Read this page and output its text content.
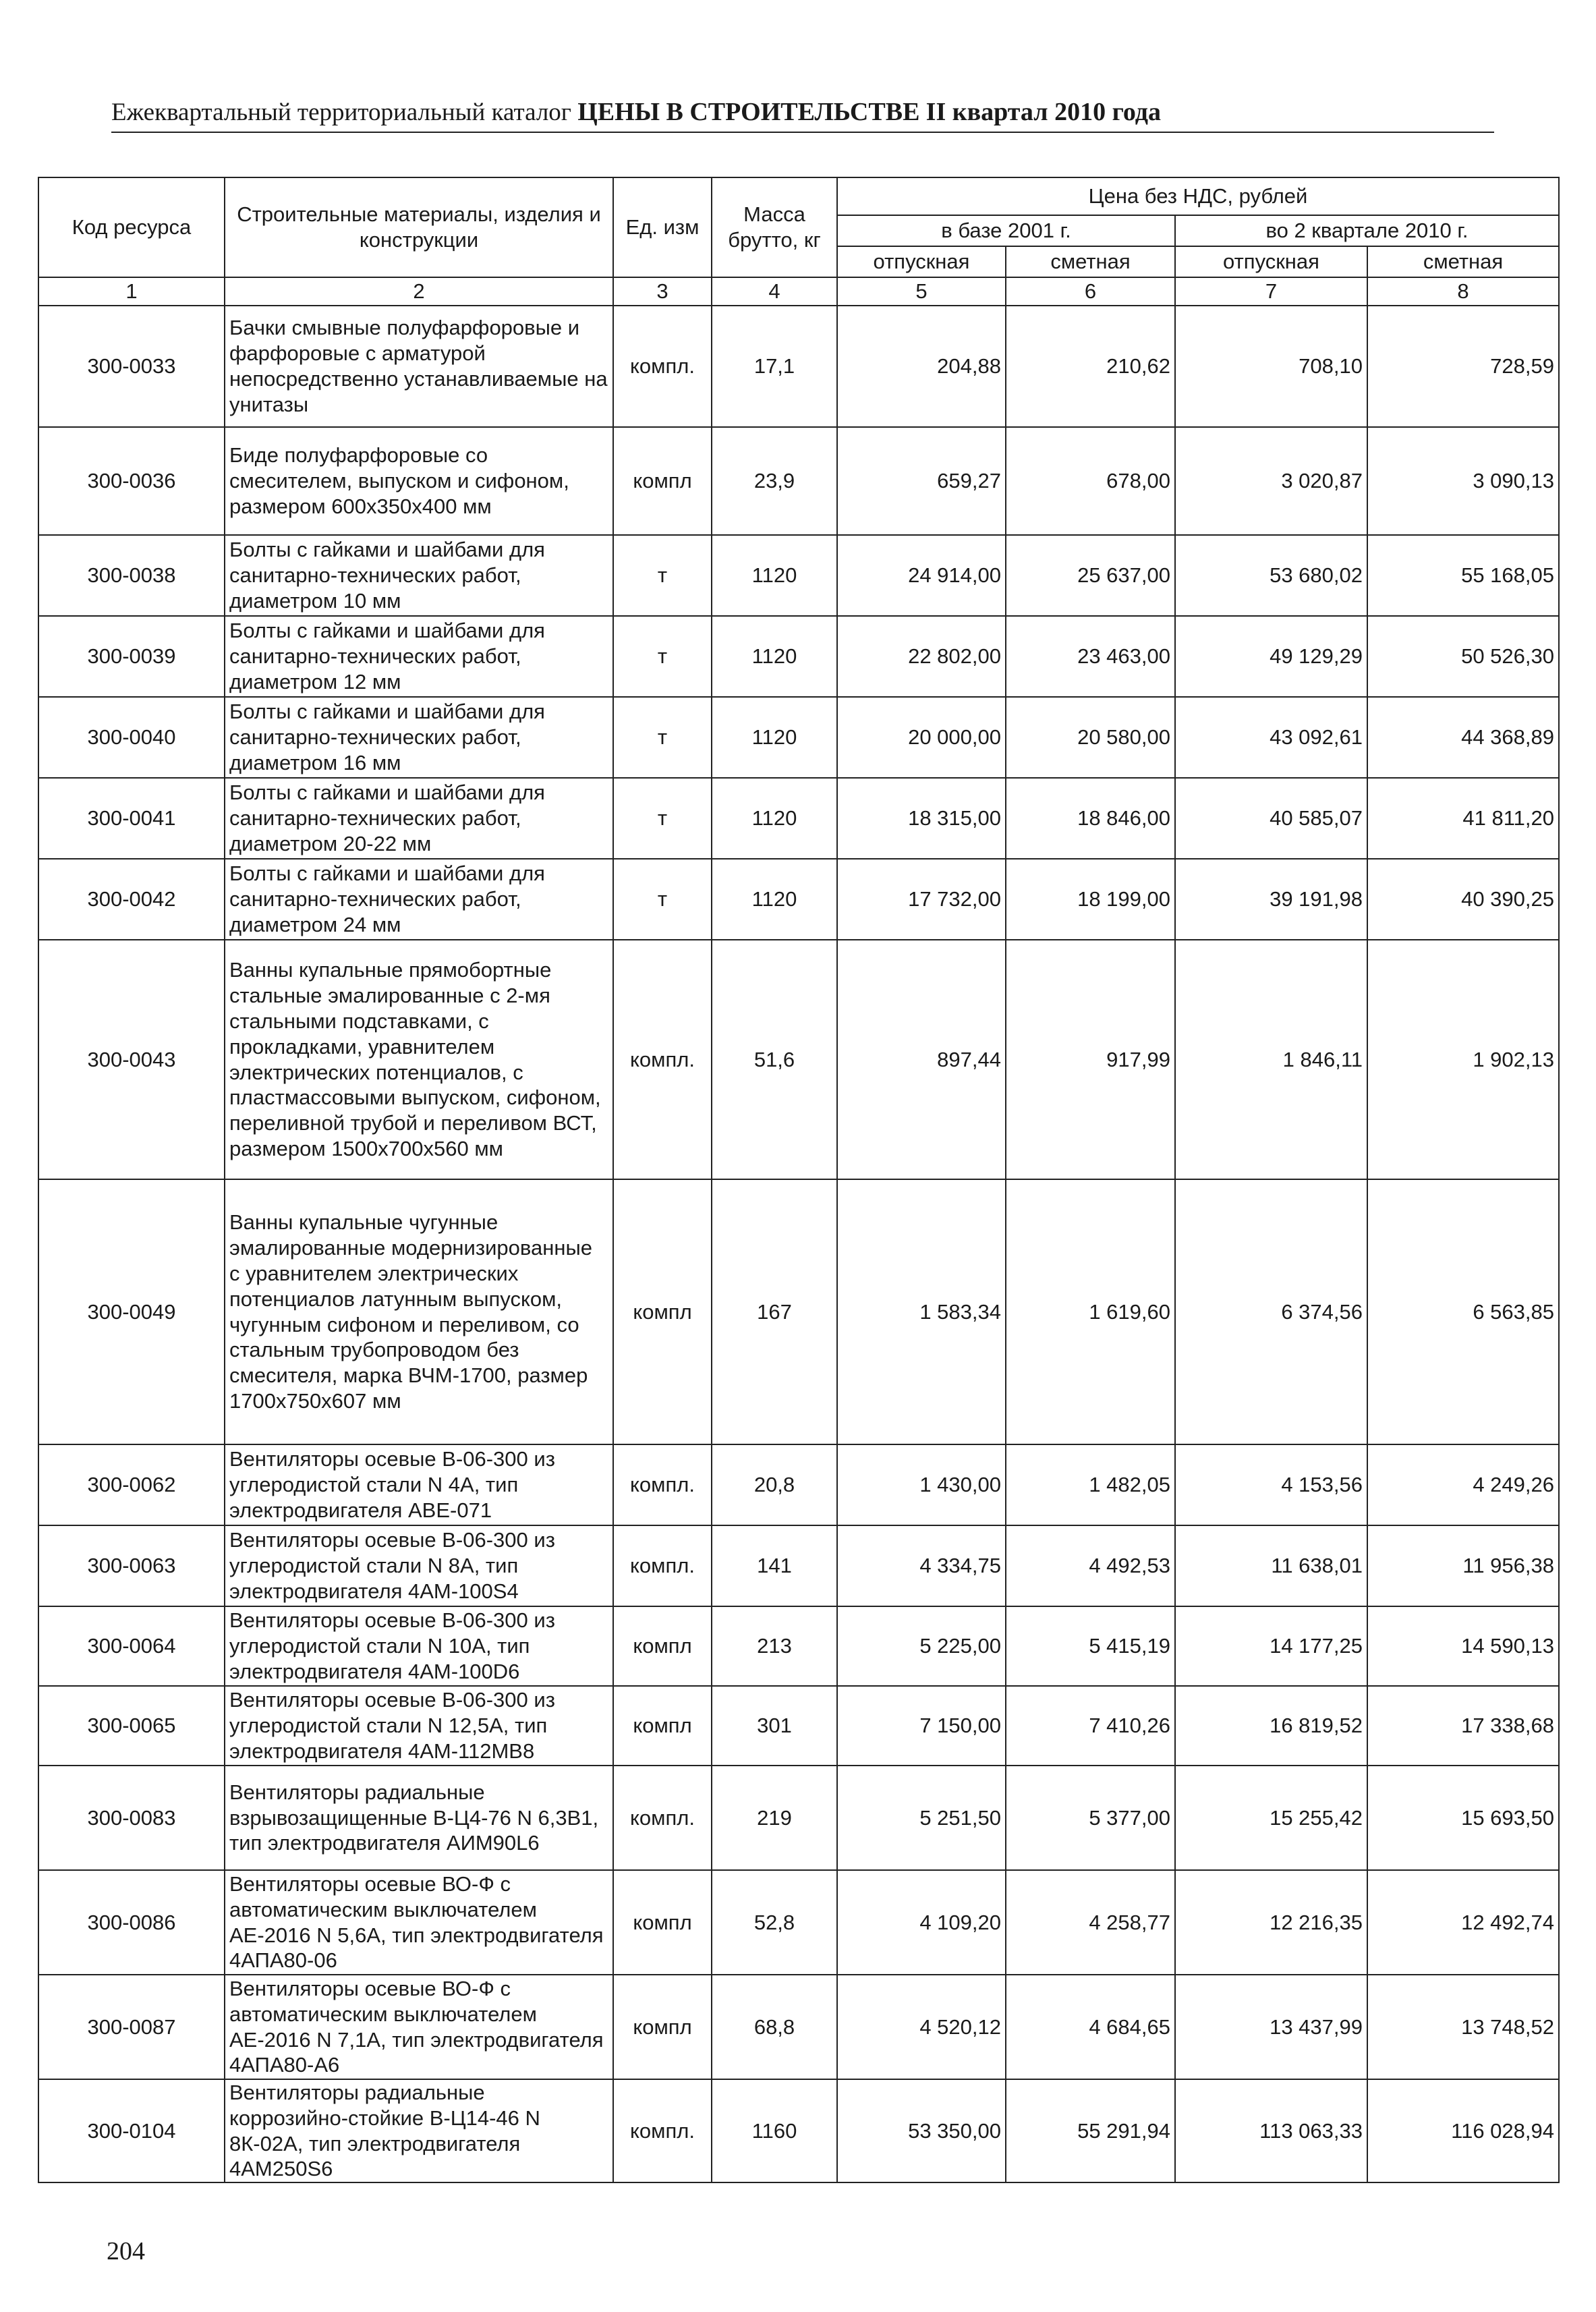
Ежеквартальный территориальный каталог ЦЕНЫ В СТРОИТЕЛЬСТВЕ II квартал 2010 года
Код ресурса	Строительные материалы, изделия и конструкции	Ед. изм	Масса брутто, кг	Цена без НДС, рублей			
				в базе 2001 г.		во 2 квартале 2010 г.	
				отпускная	сметная	отпускная	сметная
1	2	3	4	5	6	7	8
300-0033	Бачки смывные полуфарфоровые и фарфоровые с арматурой непосредственно устанавливаемые на унитазы	компл.	17,1	204,88	210,62	708,10	728,59
300-0036	Биде полуфарфоровые со смесителем, выпуском и сифоном, размером 600x350x400 мм	компл	23,9	659,27	678,00	3 020,87	3 090,13
300-0038	Болты с гайками и шайбами для санитарно-технических работ, диаметром 10 мм	т	1120	24 914,00	25 637,00	53 680,02	55 168,05
300-0039	Болты с гайками и шайбами для санитарно-технических работ, диаметром 12 мм	т	1120	22 802,00	23 463,00	49 129,29	50 526,30
300-0040	Болты с гайками и шайбами для санитарно-технических работ, диаметром 16 мм	т	1120	20 000,00	20 580,00	43 092,61	44 368,89
300-0041	Болты с гайками и шайбами для санитарно-технических работ, диаметром 20-22 мм	т	1120	18 315,00	18 846,00	40 585,07	41 811,20
300-0042	Болты с гайками и шайбами для санитарно-технических работ, диаметром 24 мм	т	1120	17 732,00	18 199,00	39 191,98	40 390,25
300-0043	Ванны купальные прямобортные стальные эмалированные с 2-мя стальными подставками, с прокладками, уравнителем электрических потенциалов, с пластмассовыми выпуском, сифоном, переливной трубой и переливом ВСТ, размером 1500x700x560 мм	компл.	51,6	897,44	917,99	1 846,11	1 902,13
300-0049	Ванны купальные чугунные эмалированные модернизированные с уравнителем электрических потенциалов латунным выпуском, чугунным сифоном и переливом, со стальным трубопроводом без смесителя, марка ВЧМ-1700, размер 1700x750x607 мм	компл	167	1 583,34	1 619,60	6 374,56	6 563,85
300-0062	Вентиляторы осевые В-06-300 из углеродистой стали N 4А, тип электродвигателя АВЕ-071	компл.	20,8	1 430,00	1 482,05	4 153,56	4 249,26
300-0063	Вентиляторы осевые В-06-300 из углеродистой стали N 8А, тип электродвигателя 4АМ-100S4	компл.	141	4 334,75	4 492,53	11 638,01	11 956,38
300-0064	Вентиляторы осевые В-06-300 из углеродистой стали N 10А, тип электродвигателя 4АМ-100D6	компл	213	5 225,00	5 415,19	14 177,25	14 590,13
300-0065	Вентиляторы осевые В-06-300 из углеродистой стали N 12,5А, тип электродвигателя 4АМ-112МВ8	компл	301	7 150,00	7 410,26	16 819,52	17 338,68
300-0083	Вентиляторы радиальные взрывозащищенные В-Ц4-76 N 6,3В1, тип электродвигателя АИМ90L6	компл.	219	5 251,50	5 377,00	15 255,42	15 693,50
300-0086	Вентиляторы осевые ВО-Ф с автоматическим выключателем АЕ-2016 N 5,6А, тип электродвигателя 4АПА80-06	компл	52,8	4 109,20	4 258,77	12 216,35	12 492,74
300-0087	Вентиляторы осевые ВО-Ф с автоматическим выключателем АЕ-2016 N 7,1А, тип электродвигателя 4АПА80-А6	компл	68,8	4 520,12	4 684,65	13 437,99	13 748,52
300-0104	Вентиляторы радиальные коррозийно-стойкие В-Ц14-46 N 8К-02А, тип электродвигателя 4АМ250S6	компл.	1160	53 350,00	55 291,94	113 063,33	116 028,94
204
